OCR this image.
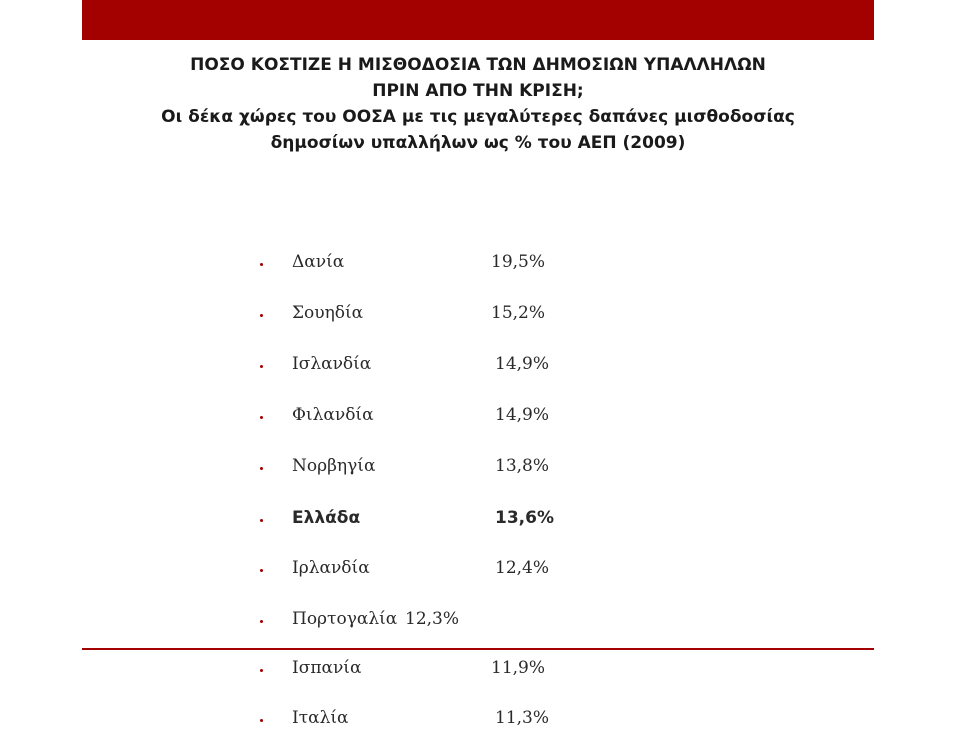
ΠΟΣΟ ΚΟΣΤΙΖΕ Η ΜΙΣΘΟΔΟΣΙΑ ΤΩΝ ΔΗΜΟΣΙΩΝ ΥΠΑΛΛΗΛΩΝ
ΠΡΙΝ ΑΠΟ ΤΗΝ ΚΡΙΣΗ;
Οι δέκα χώρες του ΟΟΣΑ με τις μεγαλύτερες δαπάνες μισθοδοσίας
δημοσίων υπαλλήλων ως % του ΑΕΠ (2009)
Δανία	19,5%
Σουηδία	15,2%
Ισλανδία	14,9%
Φιλανδία	14,9%
Νορβηγία	13,8%
Ελλάδα	13,6%
Ιρλανδία	12,4%
Πορτογαλία 12,3%
Ισπανία	11,9%
Ιταλία	11,3%
